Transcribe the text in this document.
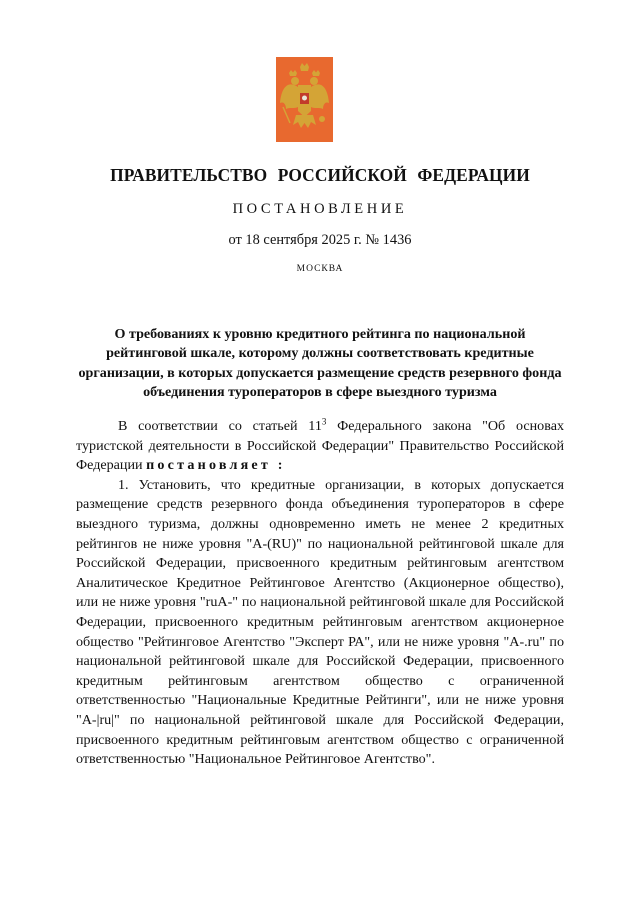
ПРАВИТЕЛЬСТВО РОССИЙСКОЙ ФЕДЕРАЦИИ
ПОСТАНОВЛЕНИЕ
от 18 сентября 2025 г. № 1436
МОСКВА
О требованиях к уровню кредитного рейтинга по национальной рейтинговой шкале, которому должны соответствовать кредитные организации, в которых допускается размещение средств резервного фонда объединения туроператоров в сфере выездного туризма

В соответствии со статьей $11^3$ Федерального закона "Об основах туристской деятельности в Российской Федерации" Правительство Российской Федерации постановляет :

1. Установить, что кредитные организации, в которых допускается размещение средств резервного фонда объединения туроператоров в сфере выездного туризма, должны одновременно иметь не менее 2 кредитных рейтингов не ниже уровня "A-(RU)" по национальной рейтинговой шкале для Российской Федерации, присвоенного кредитным рейтинговым агентством Аналитическое Кредитное Рейтинговое Агентство (Акционерное общество), или не ниже уровня "ruA-" по национальной рейтинговой шкале для Российской Федерации, присвоенного кредитным рейтинговым агентством акционерное общество "Рейтинговое Агентство "Эксперт РА", или не ниже уровня "A-.ru" по национальной рейтинговой шкале для Российской Федерации, присвоенного кредитным рейтинговым агентством общество с ограниченной ответственностью "Национальные Кредитные Рейтинги", или не ниже уровня "A-|ru|" по национальной рейтинговой шкале для Российской Федерации, присвоенного кредитным рейтинговым агентством общество с ограниченной ответственностью "Национальное Рейтинговое Агентство".
